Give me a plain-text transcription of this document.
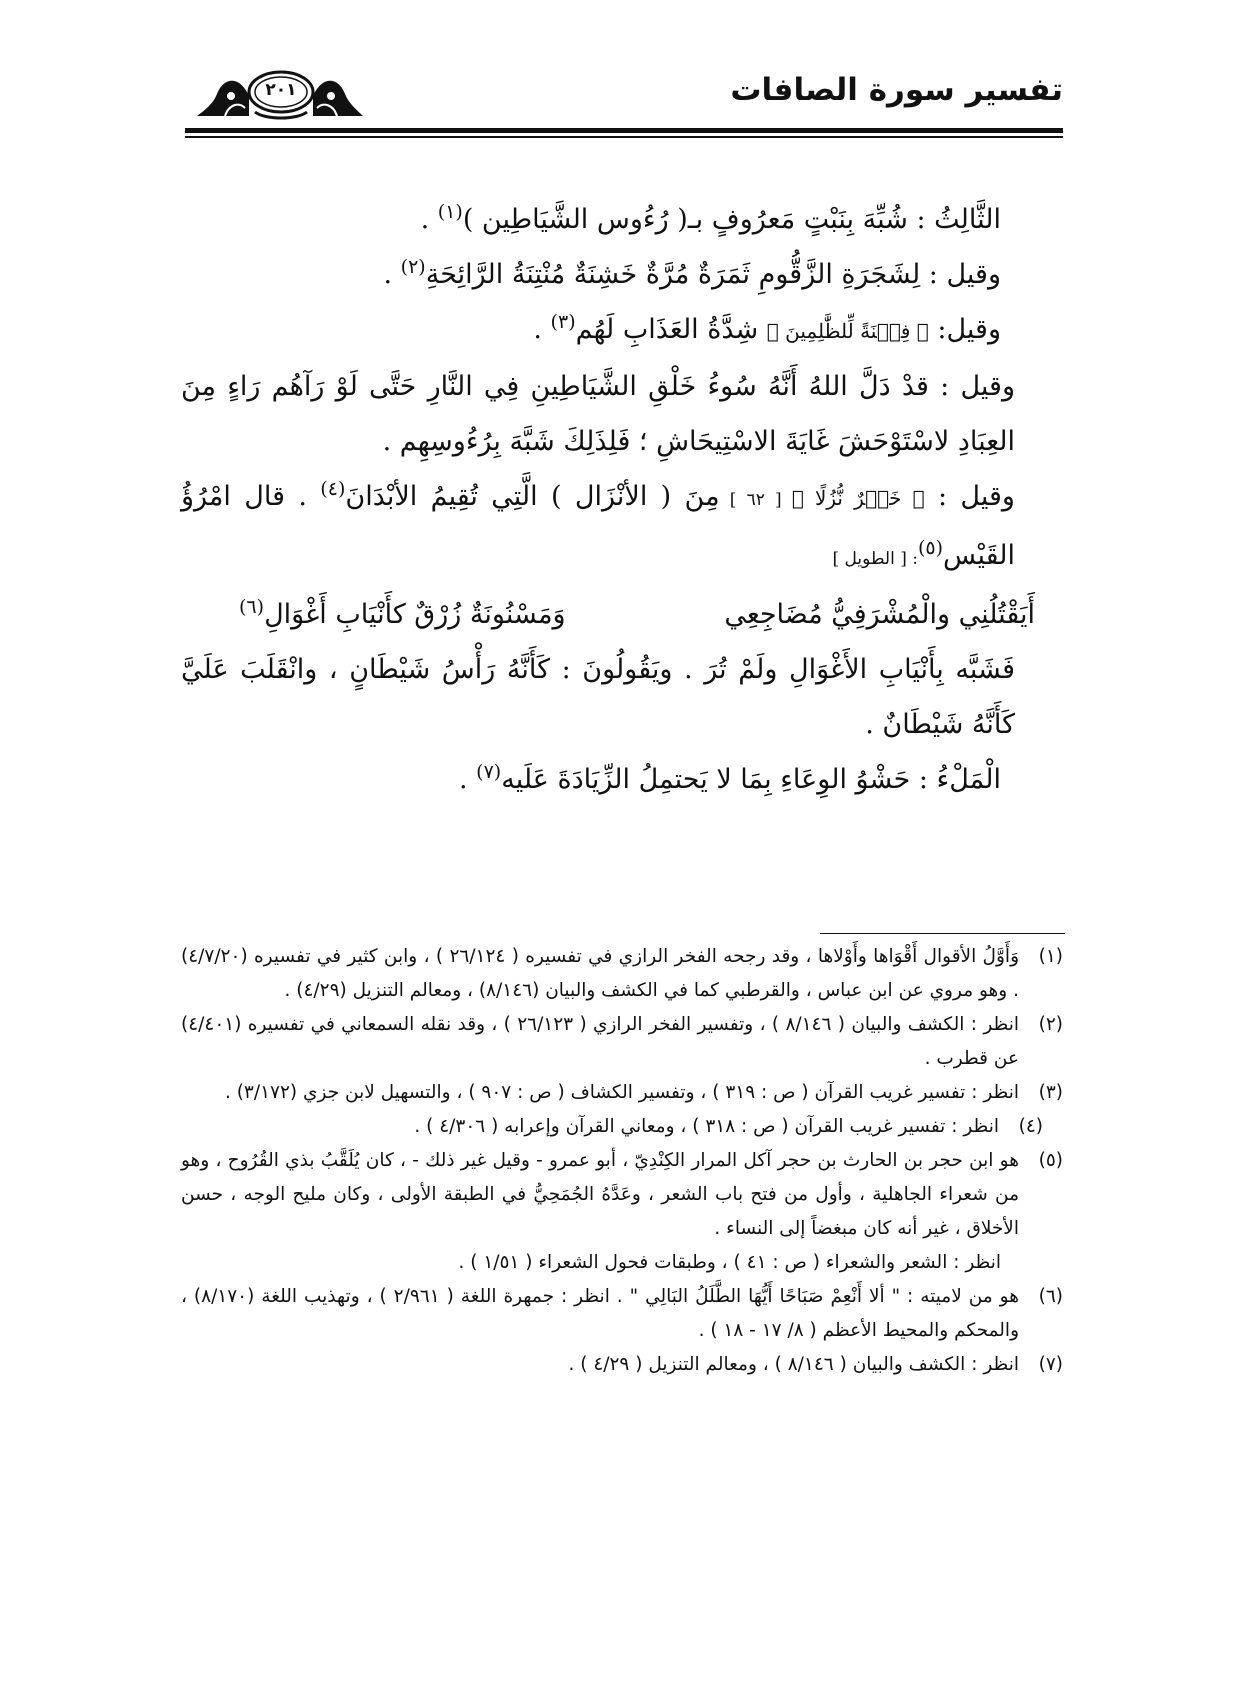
تفسير سورة الصافات
٢٠١

الثَّالِثُ : شُبِّهَ بِنَبْتٍ مَعرُوفٍ بـ( رُءُوس الشَّيَاطِين )$^{(١)}$ .

وقيل : لِشَجَرَةِ الزَّقُّومِ ثَمَرَةٌ مُرَّةٌ خَشِنَةٌ مُنْتِنَةُ الرَّائِحَةِ$^{(٢)}$ .

وقيل: ﴿ فِتۡنَةً لِّلظَّٰلِمِينَ ﴾ شِدَّةُ العَذَابِ لَهُم$^{(٣)}$ .

وقيل : قدْ دَلَّ اللهُ أَنَّهُ سُوءُ خَلْقِ الشَّيَاطِينِ فِي النَّارِ حَتَّى لَوْ رَآهُم رَاءٍ مِنَ العِبَادِ لاسْتَوْحَشَ غَايَةَ الاسْتِيحَاشِ ؛ فَلِذَلِكَ شَبَّهَ بِرُءُوسِهِم .

وقيل : ﴿ خَيۡرٌ نُّزُلًا ﴾ [ ٦٢ ] مِنَ ( الأنْزَال ) الَّتِي تُقِيمُ الأبْدَانَ$^{(٤)}$ . قال امْرُؤُ القَيْس$^{(٥)}$: [ الطويل ]

أَيَقْتُلُنِي والْمُشْرَفِيُّ مُضَاجِعِي
وَمَسْنُونَةٌ زُرْقٌ كأَنْيَابِ أَغْوَالِ$^{(٦)}$

فَشَبَّه بِأَنْيَابِ الأَغْوَالِ ولَمْ تُرَ . ويَقُولُونَ : كَأَنَّهُ رَأْسُ شَيْطَانٍ ، وانْقَلَبَ عَلَيَّ كَأَنَّهُ شَيْطَانٌ .

الْمَلْءُ : حَشْوُ الوِعَاءِ بِمَا لا يَحتمِلُ الزِّيَادَةَ عَلَيه$^{(٧)}$ .

(١)
وَأَوَّلُ الأقوال أَقْوَاها وأَوْلاها ، وقد رجحه الفخر الرازي في تفسيره ( ٢٦/١٢٤ ) ، وابن كثير في تفسيره (٤/٧/٢٠) . وهو مروي عن ابن عباس ، والقرطبي كما في الكشف والبيان (٨/١٤٦) ، ومعالم التنزيل (٤/٢٩) .
(٢)
انظر : الكشف والبيان ( ٨/١٤٦ ) ، وتفسير الفخر الرازي ( ٢٦/١٢٣ ) ، وقد نقله السمعاني في تفسيره (٤/٤٠١) عن قطرب .
(٣)
انظر : تفسير غريب القرآن ( ص : ٣١٩ ) ، وتفسير الكشاف ( ص : ٩٠٧ ) ، والتسهيل لابن جزي (٣/١٧٢) .
(٤)
انظر : تفسير غريب القرآن ( ص : ٣١٨ ) ، ومعاني القرآن وإعرابه ( ٤/٣٠٦ ) .
(٥)
هو ابن حجر بن الحارث بن حجر آكل المرار الكِنْدِيّ ، أبو عمرو - وقيل غير ذلك - ، كان يُلَقَّبُ بذي القُرُوح ، وهو من شعراء الجاهلية ، وأول من فتح باب الشعر ، وعَدَّهُ الجُمَحِيُّ في الطبقة الأولى ، وكان مليح الوجه ، حسن الأخلاق ، غير أنه كان مبغضاً إلى النساء .
انظر : الشعر والشعراء ( ص : ٤١ ) ، وطبقات فحول الشعراء ( ١/٥١ ) .
(٦)
هو من لاميته : " ألا أَنْعِمْ صَبَاحًا أَيُّهَا الطَّلَلُ البَالِي " . انظر : جمهرة اللغة ( ٢/٩٦١ ) ، وتهذيب اللغة (٨/١٧٠) ، والمحكم والمحيط الأعظم ( ٨/ ١٧ - ١٨ ) .
(٧)
انظر : الكشف والبيان ( ٨/١٤٦ ) ، ومعالم التنزيل ( ٤/٢٩ ) .
